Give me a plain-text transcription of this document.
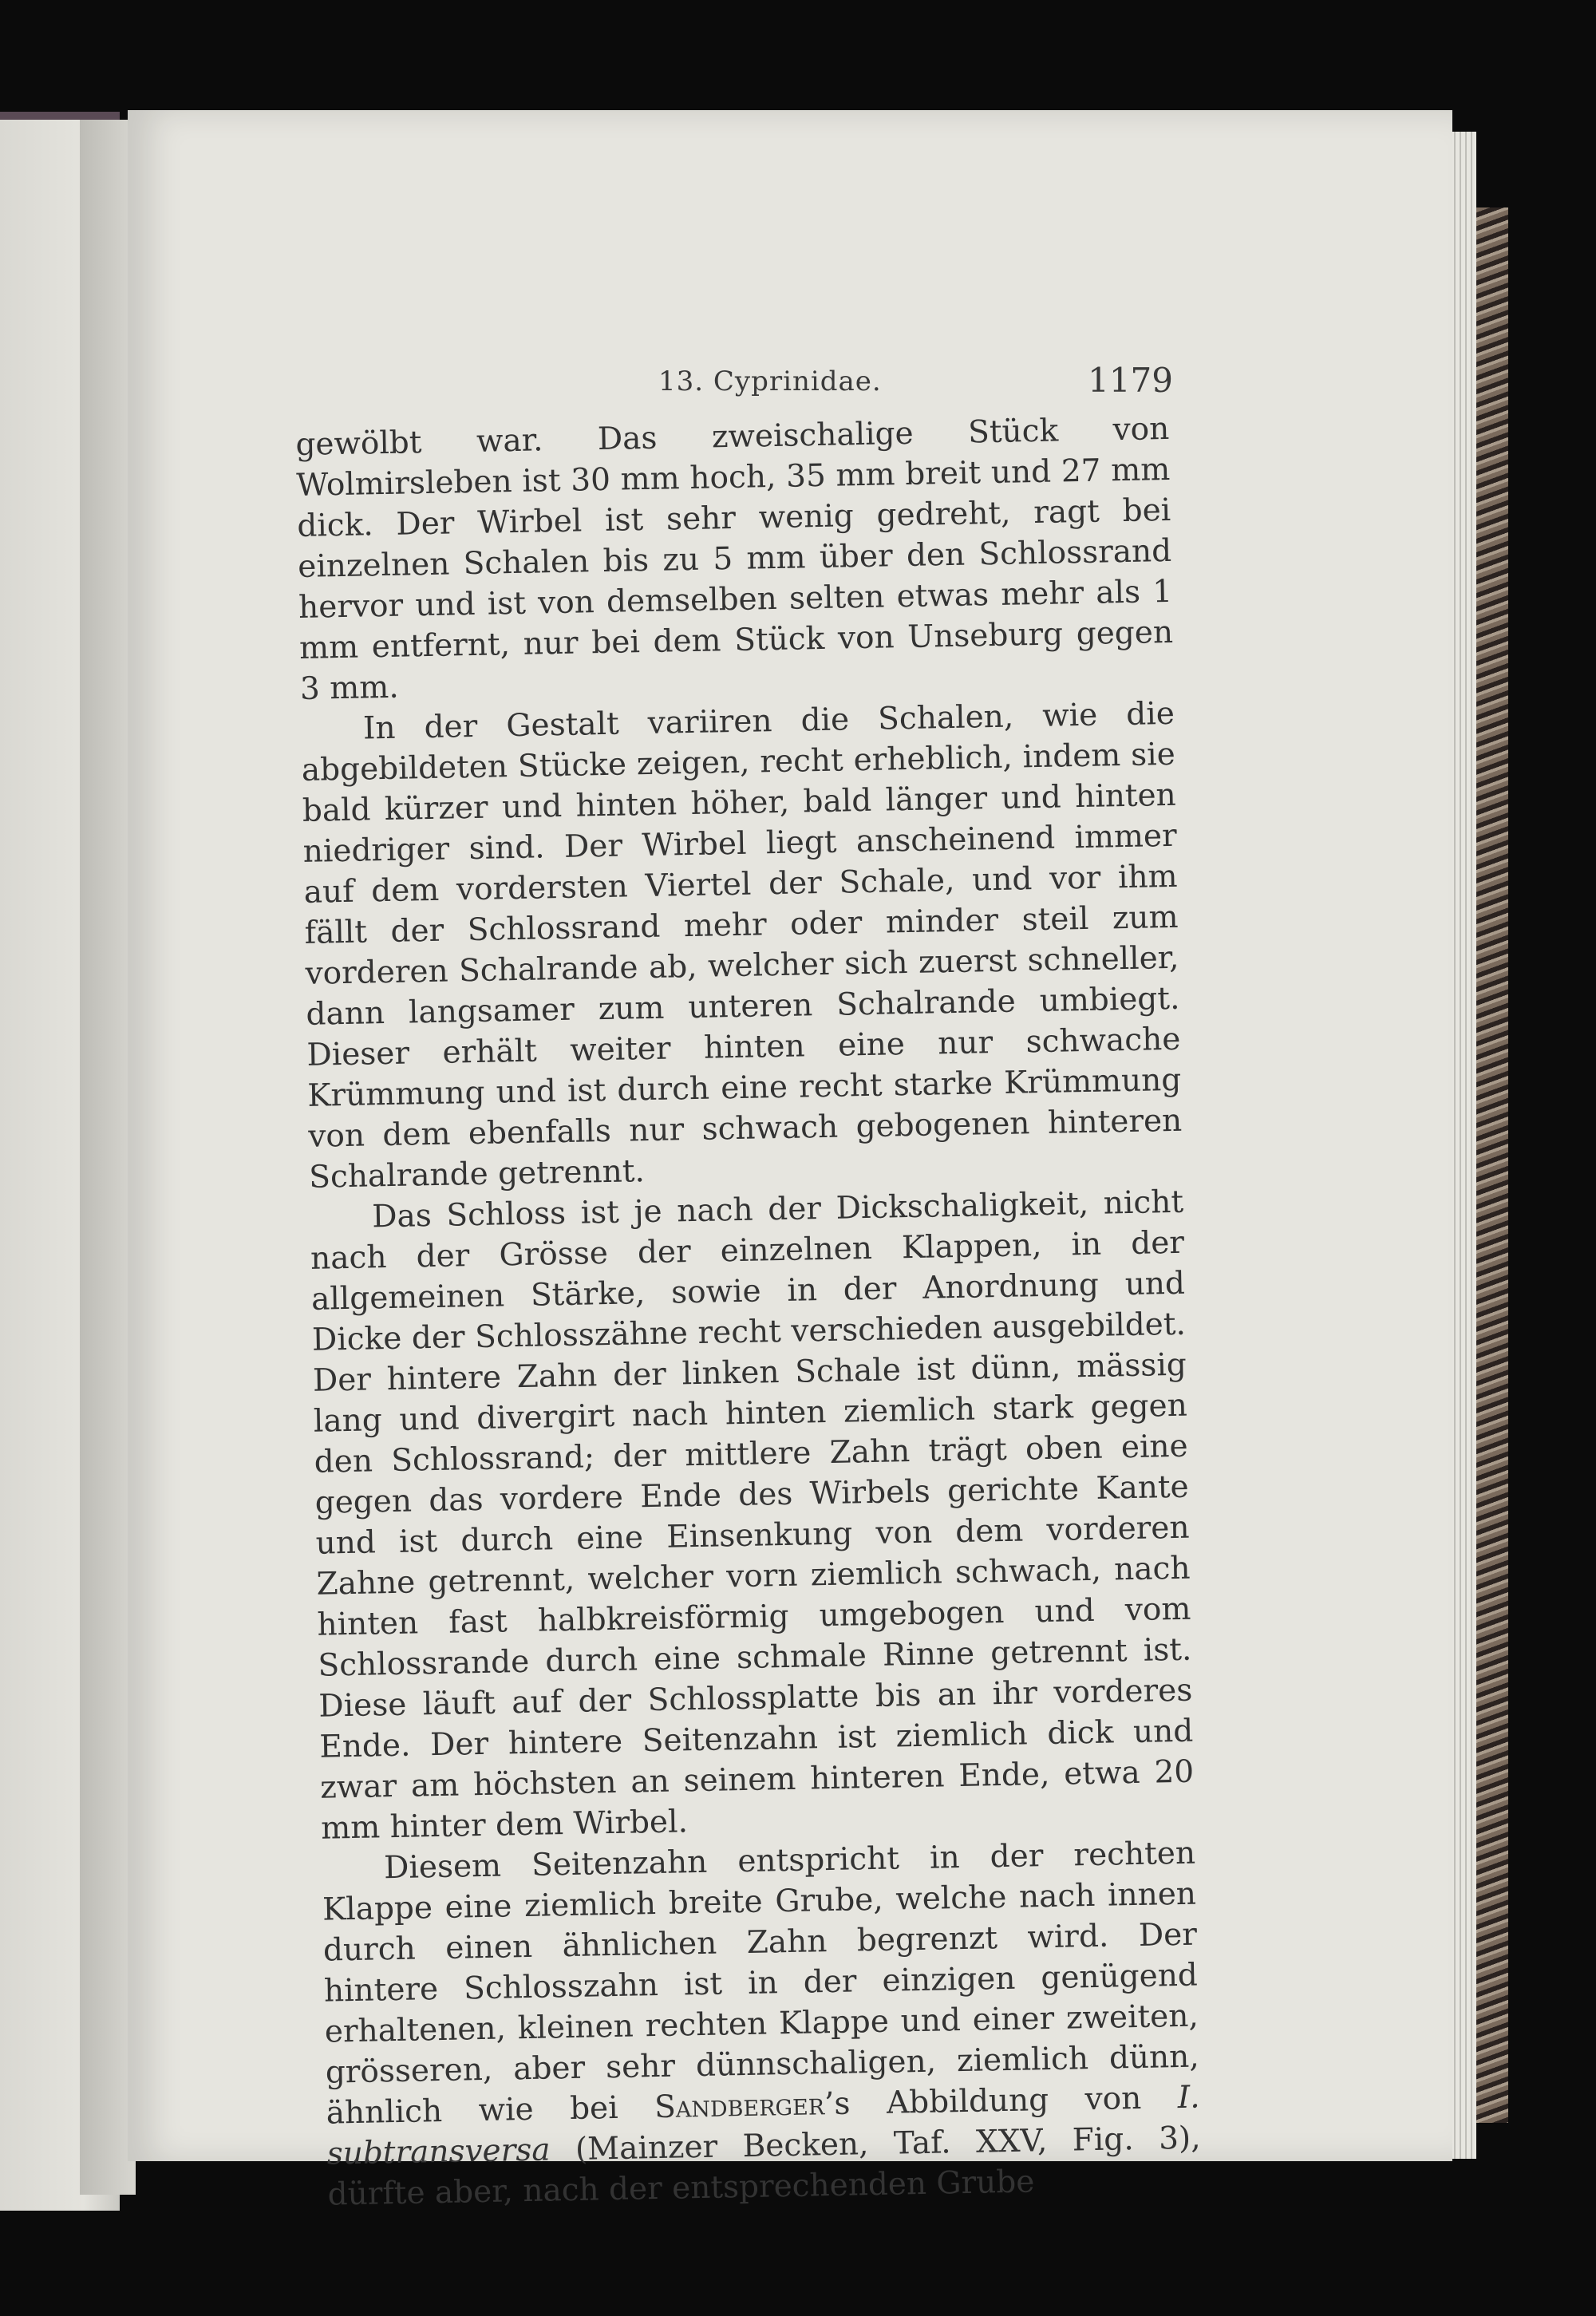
13. Cyprinidae.	1179

gewölbt war. Das zweischalige Stück von Wolmirsleben ist 30 mm hoch, 35 mm breit und 27 mm dick. Der Wirbel ist sehr wenig gedreht, ragt bei einzelnen Schalen bis zu 5 mm über den Schlossrand hervor und ist von demselben selten etwas mehr als 1 mm entfernt, nur bei dem Stück von Unseburg gegen 3 mm.

In der Gestalt variiren die Schalen, wie die abgebildeten Stücke zeigen, recht erheblich, indem sie bald kürzer und hinten höher, bald länger und hinten niedriger sind. Der Wirbel liegt anscheinend immer auf dem vordersten Viertel der Schale, und vor ihm fällt der Schlossrand mehr oder minder steil zum vorderen Schalrande ab, welcher sich zuerst schneller, dann langsamer zum unteren Schalrande umbiegt. Dieser erhält weiter hinten eine nur schwache Krümmung und ist durch eine recht starke Krümmung von dem ebenfalls nur schwach gebogenen hinteren Schalrande getrennt.

Das Schloss ist je nach der Dickschaligkeit, nicht nach der Grösse der einzelnen Klappen, in der allgemeinen Stärke, sowie in der Anordnung und Dicke der Schlosszähne recht verschieden ausgebildet. Der hintere Zahn der linken Schale ist dünn, mässig lang und divergirt nach hinten ziemlich stark gegen den Schlossrand; der mittlere Zahn trägt oben eine gegen das vordere Ende des Wirbels gerichte Kante und ist durch eine Einsenkung von dem vorderen Zahne getrennt, welcher vorn ziemlich schwach, nach hinten fast halbkreisförmig umgebogen und vom Schlossrande durch eine schmale Rinne getrennt ist. Diese läuft auf der Schlossplatte bis an ihr vorderes Ende. Der hintere Seitenzahn ist ziemlich dick und zwar am höchsten an seinem hinteren Ende, etwa 20 mm hinter dem Wirbel.

Diesem Seitenzahn entspricht in der rechten Klappe eine ziemlich breite Grube, welche nach innen durch einen ähnlichen Zahn begrenzt wird. Der hintere Schlosszahn ist in der einzigen genügend erhaltenen, kleinen rechten Klappe und einer zweiten, grösseren, aber sehr dünnschaligen, ziemlich dünn, ähnlich wie bei Sandberger’s Abbildung von I. subtransversa (Mainzer Becken, Taf. XXV, Fig. 3), dürfte aber, nach der entsprechenden Grube
